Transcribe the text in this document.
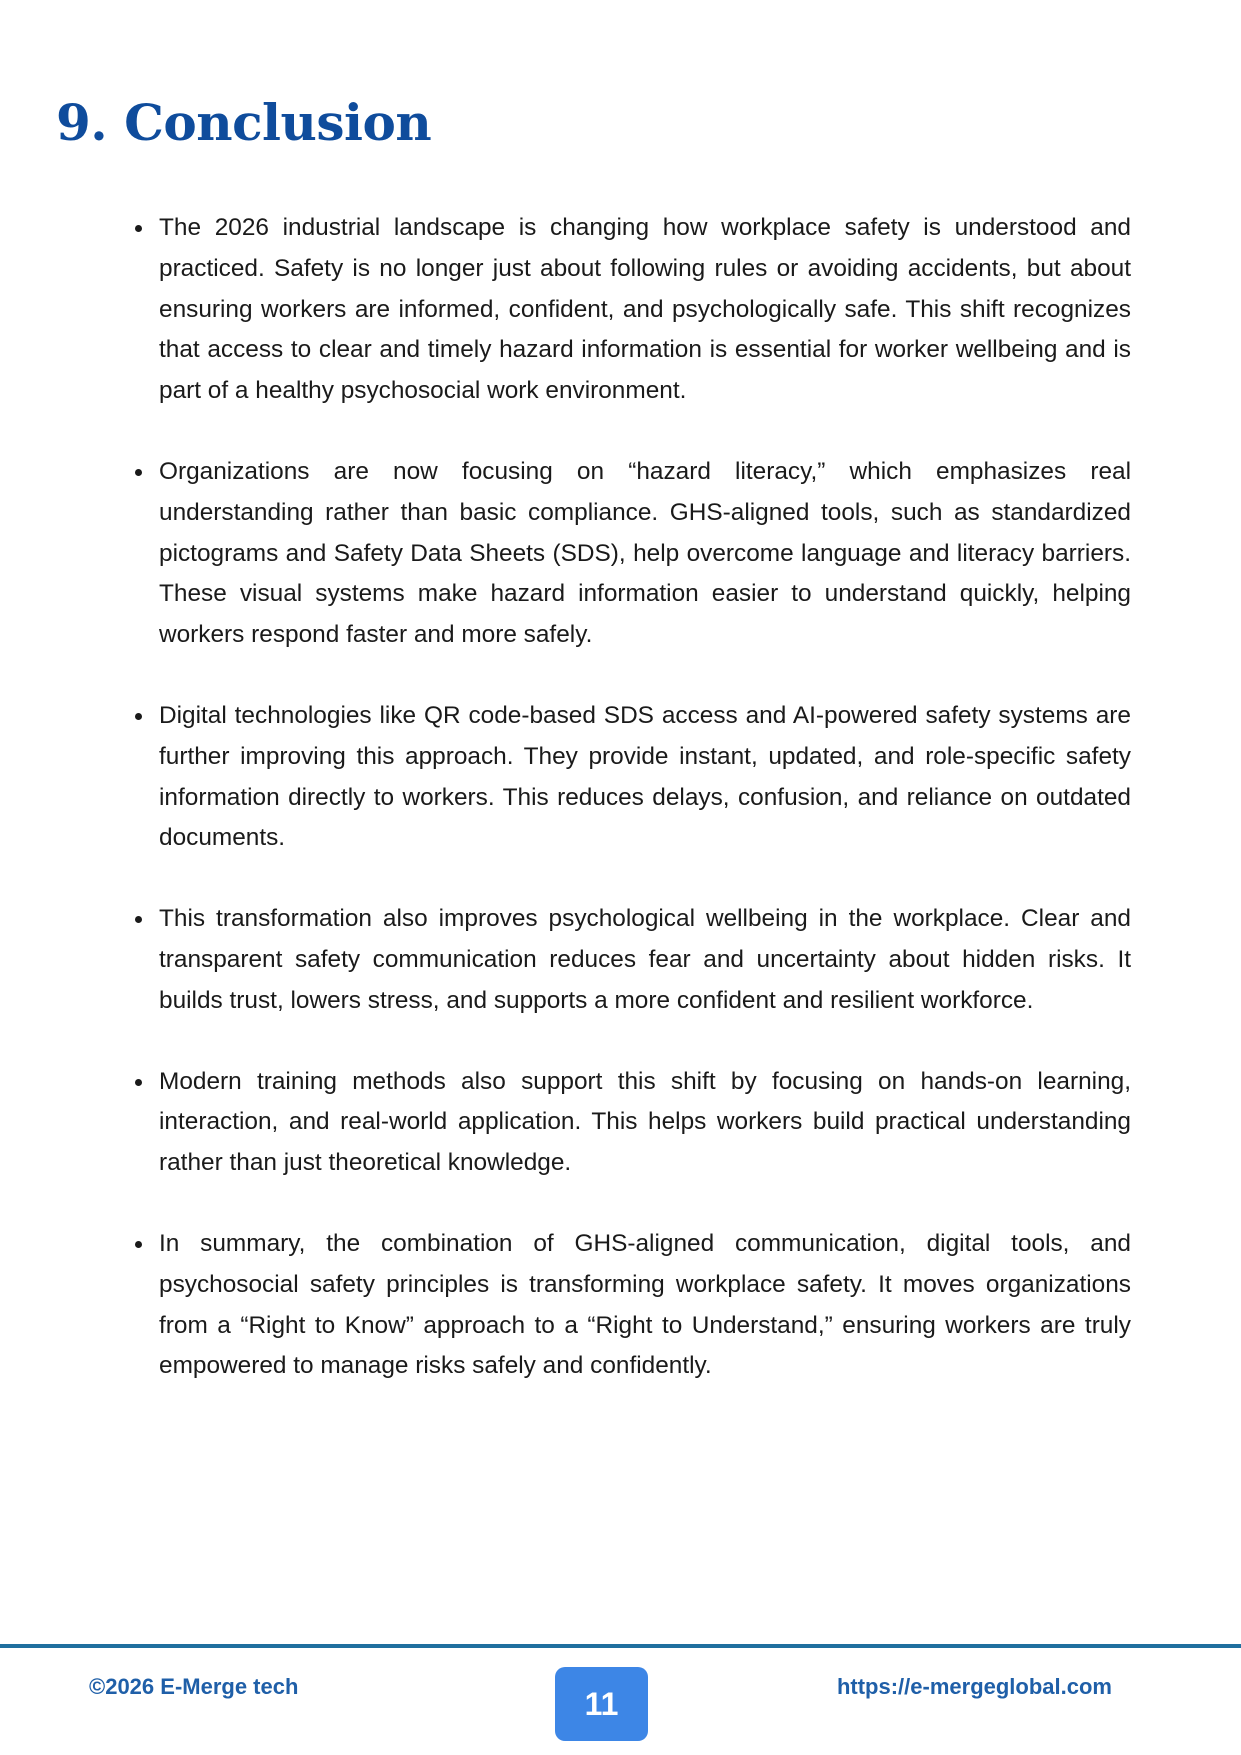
9. Conclusion
The 2026 industrial landscape is changing how workplace safety is understood and practiced. Safety is no longer just about following rules or avoiding accidents, but about ensuring workers are informed, confident, and psychologically safe. This shift recognizes that access to clear and timely hazard information is essential for worker wellbeing and is part of a healthy psychosocial work environment.
Organizations are now focusing on “hazard literacy,” which emphasizes real understanding rather than basic compliance. GHS-aligned tools, such as standardized pictograms and Safety Data Sheets (SDS), help overcome language and literacy barriers. These visual systems make hazard information easier to understand quickly, helping workers respond faster and more safely.
Digital technologies like QR code-based SDS access and AI-powered safety systems are further improving this approach. They provide instant, updated, and role-specific safety information directly to workers. This reduces delays, confusion, and reliance on outdated documents.
This transformation also improves psychological wellbeing in the workplace. Clear and transparent safety communication reduces fear and uncertainty about hidden risks. It builds trust, lowers stress, and supports a more confident and resilient workforce.
Modern training methods also support this shift by focusing on hands-on learning, interaction, and real-world application. This helps workers build practical understanding rather than just theoretical knowledge.
In summary, the combination of GHS-aligned communication, digital tools, and psychosocial safety principles is transforming workplace safety. It moves organizations from a “Right to Know” approach to a “Right to Understand,” ensuring workers are truly empowered to manage risks safely and confidently.
©2026 E-Merge tech	11	https://e-mergeglobal.com
